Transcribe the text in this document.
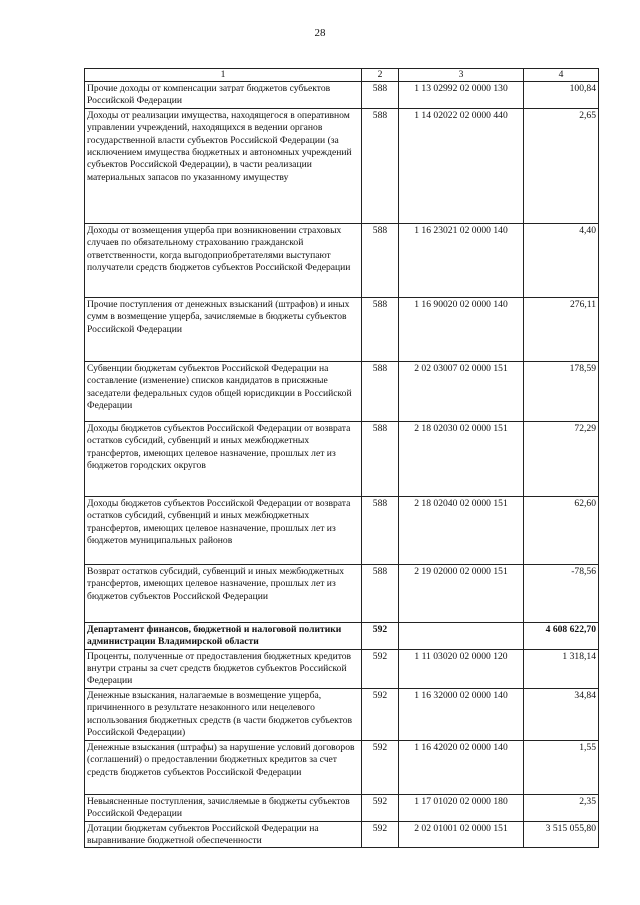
28
1	2	3	4
Прочие доходы от компенсации затрат бюджетов субъектов Российской Федерации	588	1 13 02992 02 0000 130	100,84
Доходы от реализации имущества, находящегося в оперативном управлении учреждений, находящихся в ведении органов государственной власти субъектов Российской Федерации (за исключением имущества бюджетных и автономных учреждений субъектов Российской Федерации), в части реализации материальных запасов по указанному имуществу	588	1 14 02022 02 0000 440	2,65
Доходы от возмещения ущерба при возникновении страховых случаев по обязательному страхованию гражданской ответственности, когда выгодоприобретателями выступают получатели средств бюджетов субъектов Российской Федерации	588	1 16 23021 02 0000 140	4,40
Прочие поступления от денежных взысканий (штрафов) и иных сумм в возмещение ущерба, зачисляемые в бюджеты субъектов Российской Федерации	588	1 16 90020 02 0000 140	276,11
Субвенции бюджетам субъектов Российской Федерации на составление (изменение) списков кандидатов в присяжные заседатели федеральных судов общей юрисдикции в Российской Федерации	588	2 02 03007 02 0000 151	178,59
Доходы бюджетов субъектов Российской Федерации от возврата остатков субсидий, субвенций и иных межбюджетных трансфертов, имеющих целевое назначение, прошлых лет из бюджетов городских округов	588	2 18 02030 02 0000 151	72,29
Доходы бюджетов субъектов Российской Федерации от возврата остатков субсидий, субвенций и иных межбюджетных трансфертов, имеющих целевое назначение, прошлых лет из бюджетов муниципальных районов	588	2 18 02040 02 0000 151	62,60
Возврат остатков субсидий, субвенций и иных межбюджетных трансфертов, имеющих целевое назначение, прошлых лет из бюджетов субъектов Российской Федерации	588	2 19 02000 02 0000 151	-78,56
Департамент финансов, бюджетной и налоговой политики администрации Владимирской области	592		4 608 622,70
Проценты, полученные от предоставления бюджетных кредитов внутри страны за счет средств бюджетов субъектов Российской Федерации	592	1 11 03020 02 0000 120	1 318,14
Денежные взыскания, налагаемые в возмещение ущерба, причиненного в результате незаконного или нецелевого использования бюджетных средств (в части бюджетов субъектов Российской Федерации)	592	1 16 32000 02 0000 140	34,84
Денежные взыскания (штрафы) за нарушение условий договоров (соглашений) о предоставлении бюджетных кредитов за счет средств бюджетов субъектов Российской Федерации	592	1 16 42020 02 0000 140	1,55
Невыясненные поступления, зачисляемые в бюджеты субъектов Российской Федерации	592	1 17 01020 02 0000 180	2,35
Дотации бюджетам субъектов Российской Федерации на выравнивание бюджетной обеспеченности	592	2 02 01001 02 0000 151	3 515 055,80
